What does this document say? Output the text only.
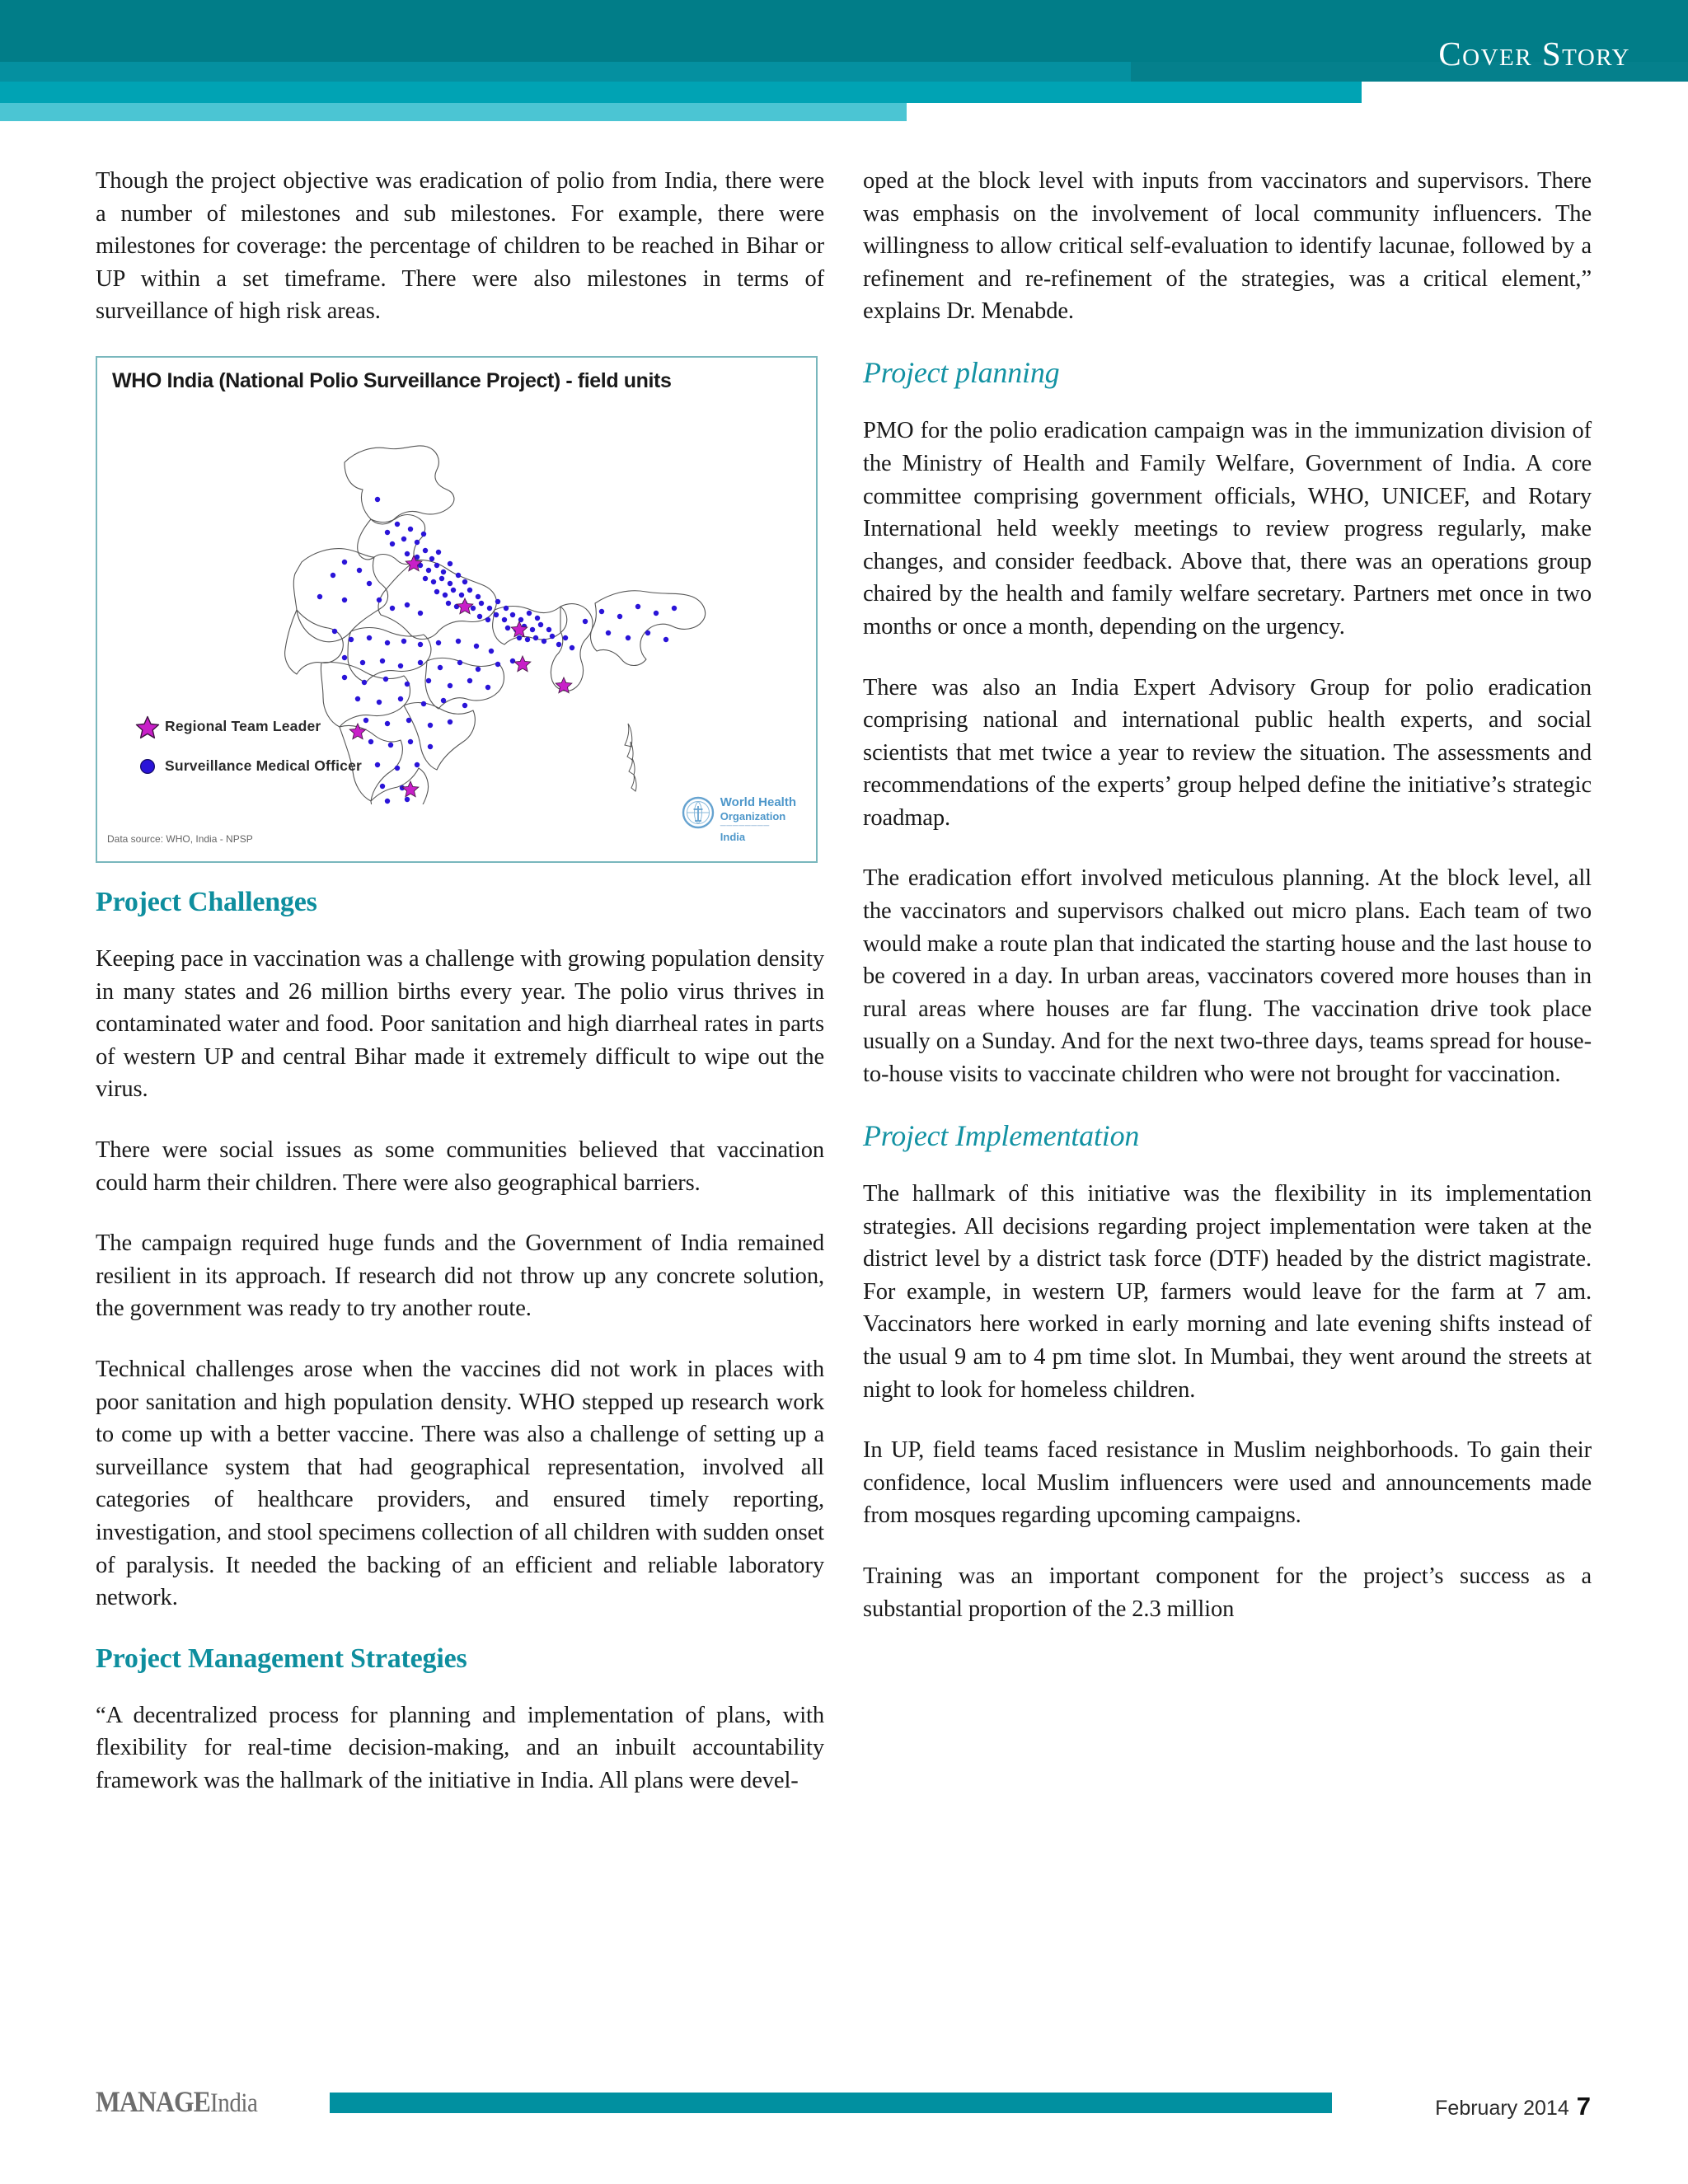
Cover Story

Though the project objective was eradication of polio from India, there were a number of milestones and sub milestones. For example, there were milestones for coverage: the percentage of children to be reached in Bihar or UP within a set timeframe. There were also milestones in terms of surveillance of high risk areas.

WHO India (National Polio Surveillance Project) - field units
Regional Team Leader
Surveillance Medical Officer
Data source: WHO, India - NPSP
World Health
Organization
————————
India
Project Challenges

Keeping pace in vaccination was a challenge with growing population density in many states and 26 million births every year. The polio virus thrives in contaminated water and food. Poor sanitation and high diarrheal rates in parts of western UP and central Bihar made it extremely difficult to wipe out the virus.

There were social issues as some communities believed that vaccination could harm their children. There were also geographical barriers.

The campaign required huge funds and the Government of India remained resilient in its approach. If research did not throw up any concrete solution, the government was ready to try another route.

Technical challenges arose when the vaccines did not work in places with poor sanitation and high population density. WHO stepped up research work to come up with a better vaccine. There was also a challenge of setting up a surveillance system that had geographical representation, involved all categories of healthcare providers, and ensured timely reporting, investigation, and stool specimens collection of all children with sudden onset of paralysis. It needed the backing of an efficient and reliable laboratory network.

Project Management Strategies

“A decentralized process for planning and implementation of plans, with flexibility for real-time decision-making, and an inbuilt accountability framework was the hallmark of the initiative in India. All plans were devel-

oped at the block level with inputs from vaccinators and supervisors. There was emphasis on the involvement of local community influencers. The willingness to allow critical self-evaluation to identify lacunae, followed by a refinement and re-refinement of the strategies, was a critical element,” explains Dr. Menabde.

Project planning

PMO for the polio eradication campaign was in the immunization division of the Ministry of Health and Family Welfare, Government of India. A core committee comprising government officials, WHO, UNICEF, and Rotary International held weekly meetings to review progress regularly, make changes, and consider feedback. Above that, there was an operations group chaired by the health and family welfare secretary. Partners met once in two months or once a month, depending on the urgency.

There was also an India Expert Advisory Group for polio eradication comprising national and international public health experts, and social scientists that met twice a year to review the situation. The assessments and recommendations of the experts’ group helped define the initiative’s strategic roadmap.

The eradication effort involved meticulous planning. At the block level, all the vaccinators and supervisors chalked out micro plans. Each team of two would make a route plan that indicated the starting house and the last house to be covered in a day. In urban areas, vaccinators covered more houses than in rural areas where houses are far flung. The vaccination drive took place usually on a Sunday. And for the next two-three days, teams spread for house-to-house visits to vaccinate children who were not brought for vaccination.

Project Implementation

The hallmark of this initiative was the flexibility in its implementation strategies. All decisions regarding project implementation were taken at the district level by a district task force (DTF) headed by the district magistrate. For example, in western UP, farmers would leave for the farm at 7 am. Vaccinators here worked in early morning and late evening shifts instead of the usual 9 am to 4 pm time slot. In Mumbai, they went around the streets at night to look for homeless children.

In UP, field teams faced resistance in Muslim neighborhoods. To gain their confidence, local Muslim influencers were used and announcements made from mosques regarding upcoming campaigns.

Training was an important component for the project’s success as a substantial proportion of the 2.3 million

MANAGEIndia	February 2014 7
